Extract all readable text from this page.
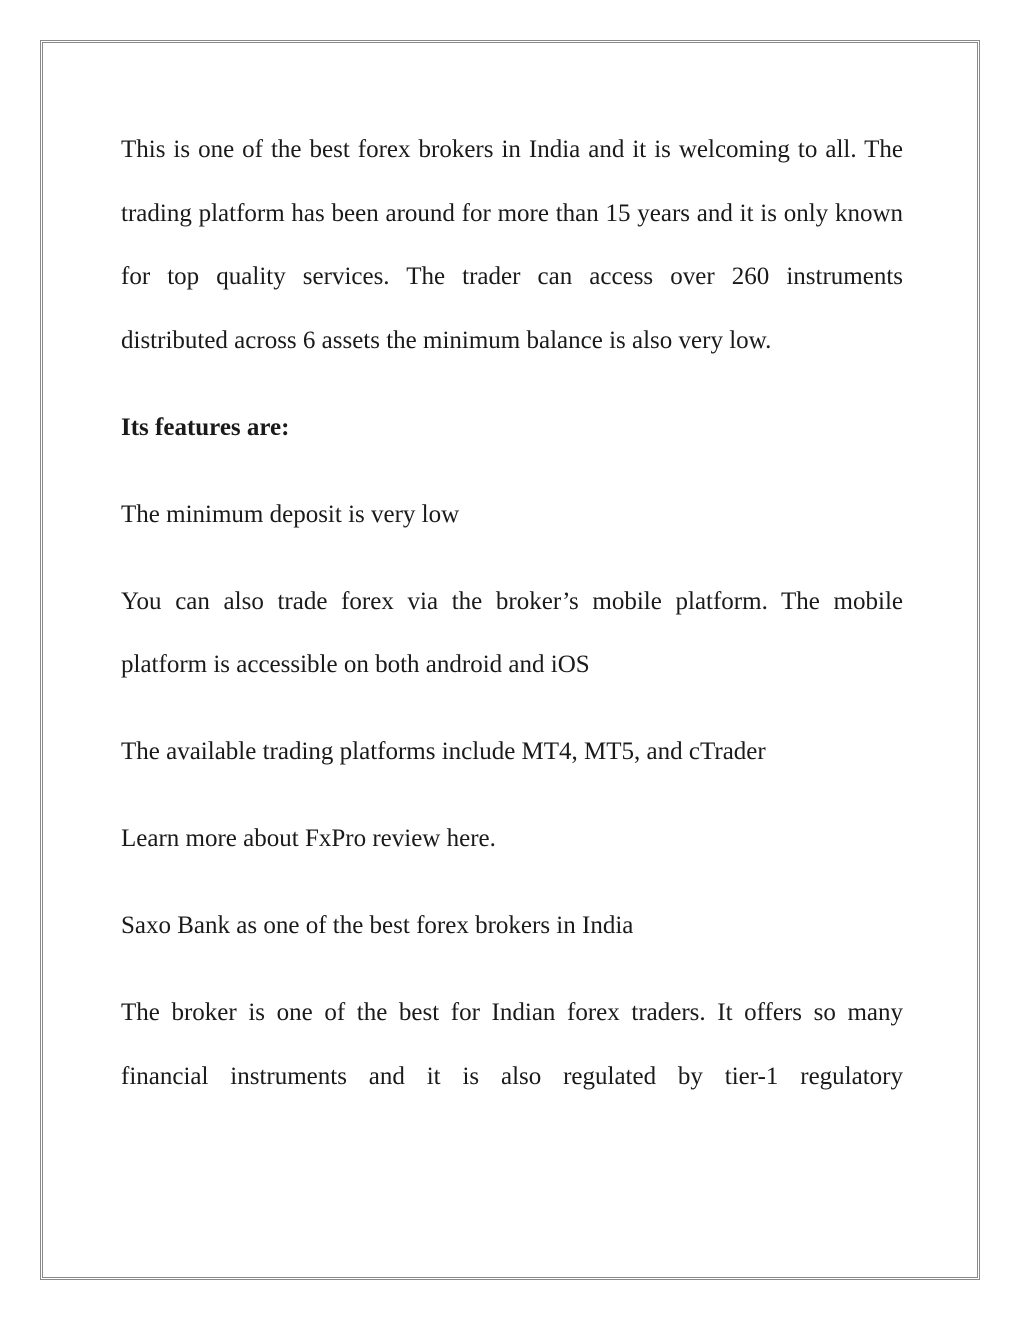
This is one of the best forex brokers in India and it is welcoming to all. The trading platform has been around for more than 15 years and it is only known for top quality services. The trader can access over 260 instruments distributed across 6 assets the minimum balance is also very low.

Its features are:

The minimum deposit is very low

You can also trade forex via the broker’s mobile platform. The mobile platform is accessible on both android and iOS

The available trading platforms include MT4, MT5, and cTrader

Learn more about FxPro review here.

Saxo Bank as one of the best forex brokers in India

The broker is one of the best for Indian forex traders. It offers so many financial instruments and it is also regulated by tier-1 regulatory
